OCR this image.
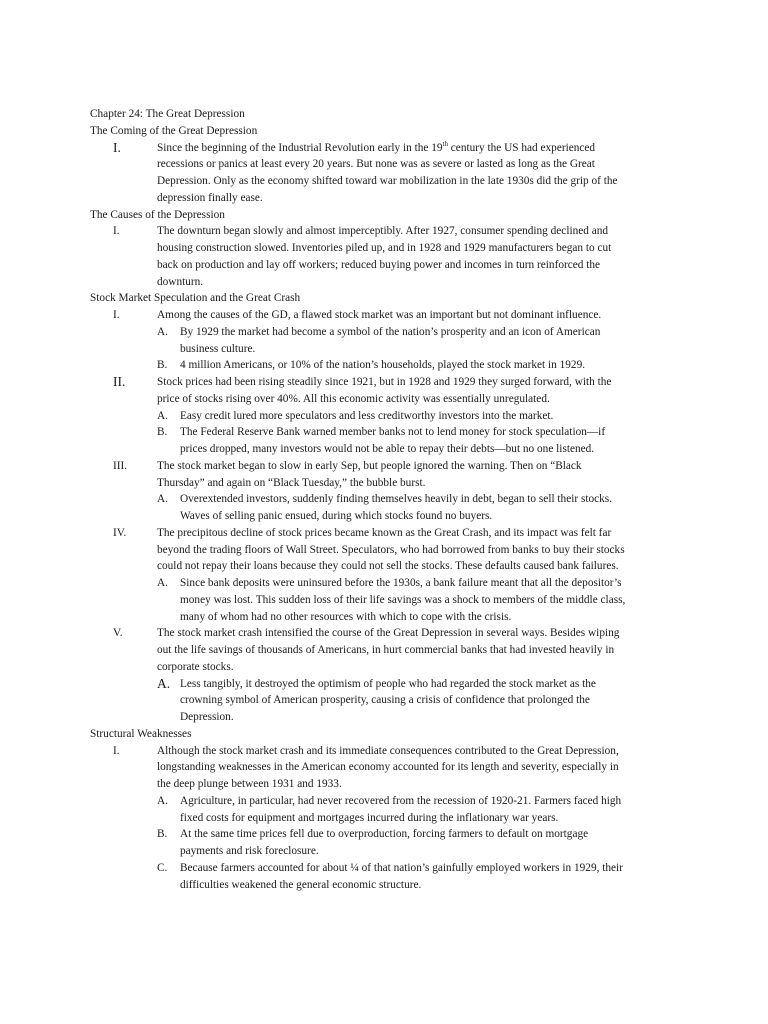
Chapter 24: The Great Depression
The Coming of the Great Depression
I.	Since the beginning of the Industrial Revolution early in the 19th century the US had experienced
recessions or panics at least every 20 years. But none was as severe or lasted as long as the Great
Depression. Only as the economy shifted toward war mobilization in the late 1930s did the grip of the
depression finally ease.
The Causes of the Depression
I.	The downturn began slowly and almost imperceptibly. After 1927, consumer spending declined and
housing construction slowed. Inventories piled up, and in 1928 and 1929 manufacturers began to cut
back on production and lay off workers; reduced buying power and incomes in turn reinforced the
downturn.
Stock Market Speculation and the Great Crash
I.	Among the causes of the GD, a flawed stock market was an important but not dominant influence.
A. By 1929 the market had become a symbol of the nation’s prosperity and an icon of American
business culture.
B. 4 million Americans, or 10% of the nation’s households, played the stock market in 1929.
II.	Stock prices had been rising steadily since 1921, but in 1928 and 1929 they surged forward, with the
price of stocks rising over 40%. All this economic activity was essentially unregulated.
A. Easy credit lured more speculators and less creditworthy investors into the market.
B. The Federal Reserve Bank warned member banks not to lend money for stock speculation—if
prices dropped, many investors would not be able to repay their debts—but no one listened.
III.	The stock market began to slow in early Sep, but people ignored the warning. Then on “Black
Thursday” and again on “Black Tuesday,” the bubble burst.
A. Overextended investors, suddenly finding themselves heavily in debt, began to sell their stocks.
Waves of selling panic ensued, during which stocks found no buyers.
IV.	The precipitous decline of stock prices became known as the Great Crash, and its impact was felt far
beyond the trading floors of Wall Street. Speculators, who had borrowed from banks to buy their stocks
could not repay their loans because they could not sell the stocks. These defaults caused bank failures.
A. Since bank deposits were uninsured before the 1930s, a bank failure meant that all the depositor’s
money was lost. This sudden loss of their life savings was a shock to members of the middle class,
many of whom had no other resources with which to cope with the crisis.
V.	The stock market crash intensified the course of the Great Depression in several ways. Besides wiping
out the life savings of thousands of Americans, in hurt commercial banks that had invested heavily in
corporate stocks.
A. Less tangibly, it destroyed the optimism of people who had regarded the stock market as the
crowning symbol of American prosperity, causing a crisis of confidence that prolonged the
Depression.
Structural Weaknesses
I.	Although the stock market crash and its immediate consequences contributed to the Great Depression,
longstanding weaknesses in the American economy accounted for its length and severity, especially in
the deep plunge between 1931 and 1933.
A. Agriculture, in particular, had never recovered from the recession of 1920-21. Farmers faced high
fixed costs for equipment and mortgages incurred during the inflationary war years.
B. At the same time prices fell due to overproduction, forcing farmers to default on mortgage
payments and risk foreclosure.
C. Because farmers accounted for about ¼ of that nation’s gainfully employed workers in 1929, their
difficulties weakened the general economic structure.
